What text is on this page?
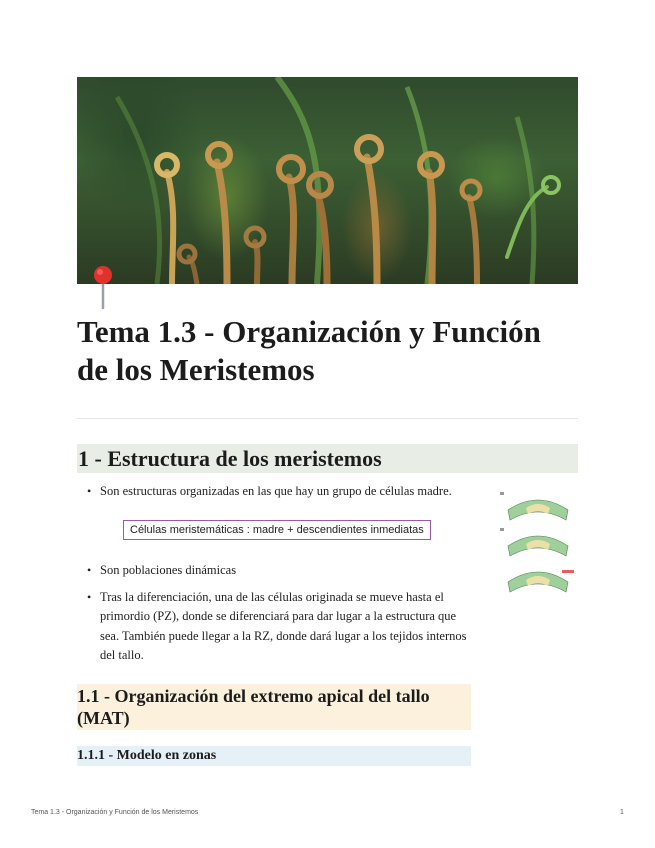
Tema 1.3 - Organización y Función de los Meristemos
1 - Estructura de los meristemos
• Son estructuras organizadas en las que hay un grupo de células madre.
Células meristemáticas : madre + descendientes inmediatas
• Son poblaciones dinámicas
• Tras la diferenciación, una de las células originada se mueve hasta el primordio (PZ), donde se diferenciará para dar lugar a la estructura que sea. También puede llegar a la RZ, donde dará lugar a los tejidos internos del tallo.
1.1 - Organización del extremo apical del tallo (MAT)
1.1.1 - Modelo en zonas
Tema 1.3 - Organización y Función de los Meristemos	1
